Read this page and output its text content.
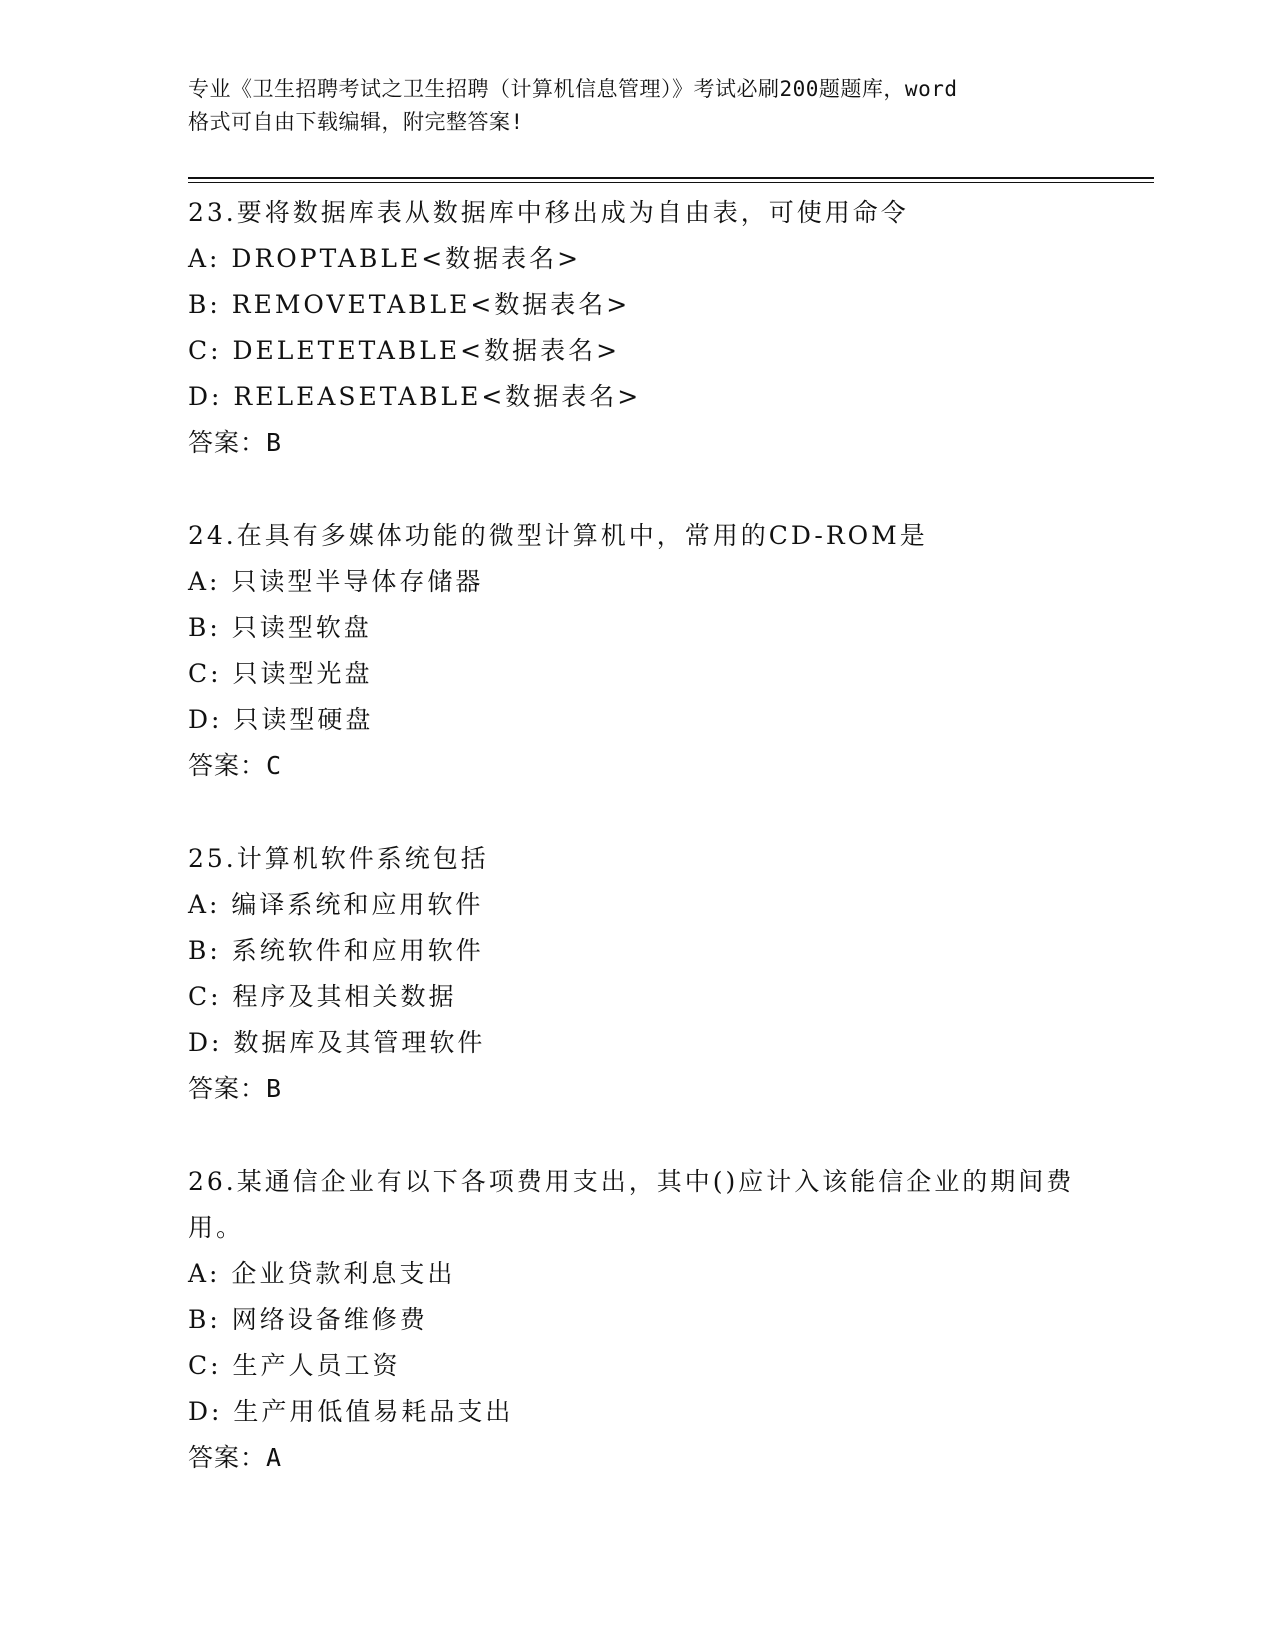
专业《卫生招聘考试之卫生招聘（计算机信息管理）》考试必刷200题题库，word
格式可自由下载编辑，附完整答案!
23.要将数据库表从数据库中移出成为自由表，可使用命令
A: DROPTABLE<数据表名>
B: REMOVETABLE<数据表名>
C: DELETETABLE<数据表名>
D: RELEASETABLE<数据表名>
答案：B
24.在具有多媒体功能的微型计算机中，常用的CD-ROM是
A: 只读型半导体存储器
B: 只读型软盘
C: 只读型光盘
D: 只读型硬盘
答案：C
25.计算机软件系统包括
A: 编译系统和应用软件
B: 系统软件和应用软件
C: 程序及其相关数据
D: 数据库及其管理软件
答案：B
26.某通信企业有以下各项费用支出，其中()应计入该能信企业的期间费用。
A: 企业贷款利息支出
B: 网络设备维修费
C: 生产人员工资
D: 生产用低值易耗品支出
答案：A
